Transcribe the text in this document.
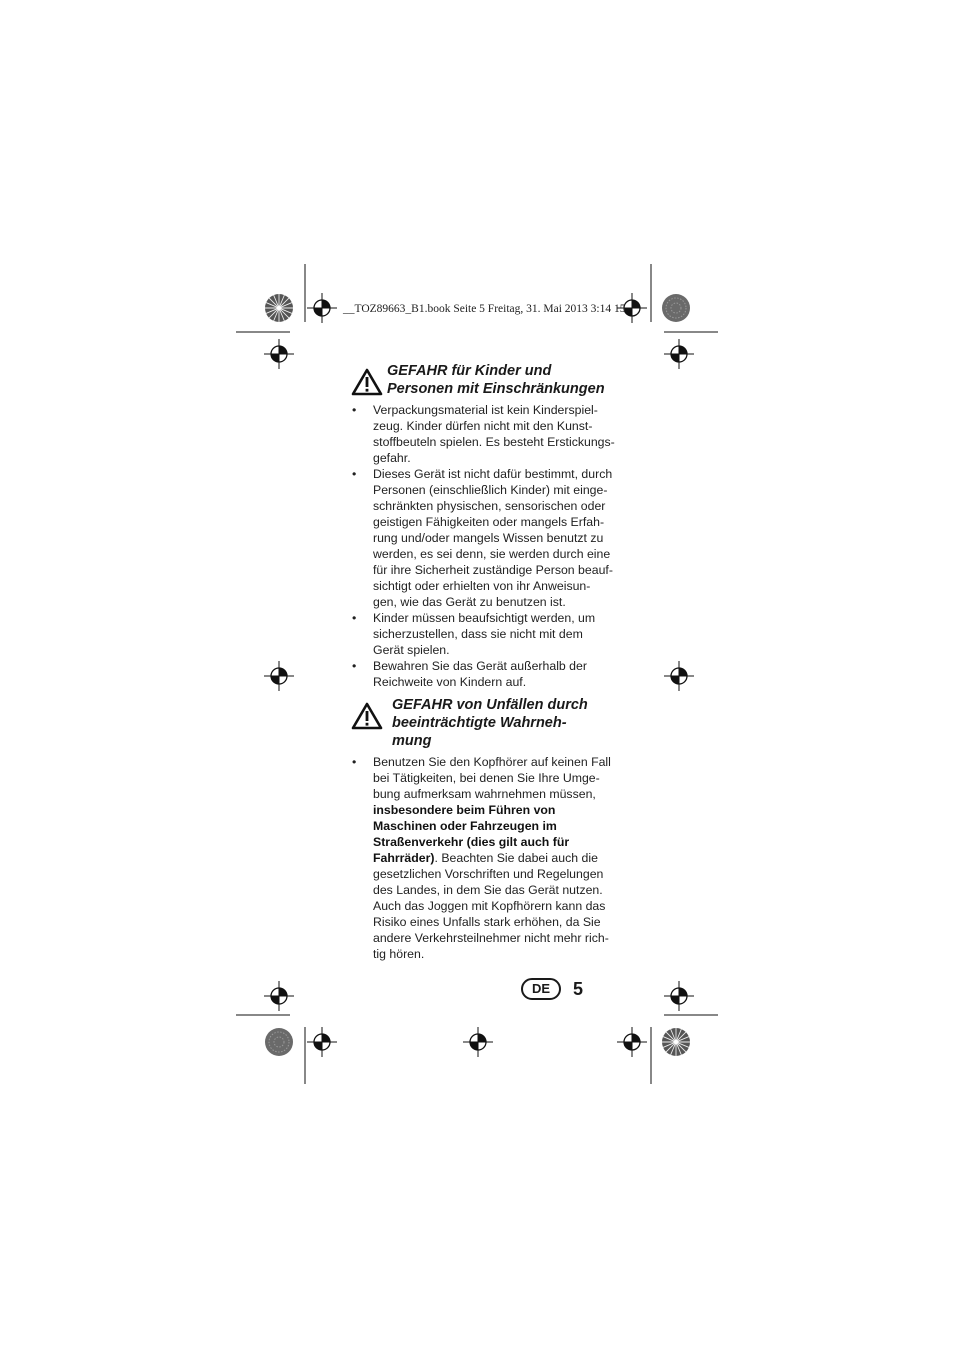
__TOZ89663_B1.book Seite 5 Freitag, 31. Mai 2013 3:14 15
GEFAHR für Kinder und
Personen mit Einschränkungen
• Verpackungsmaterial ist kein Kinderspiel-
zeug. Kinder dürfen nicht mit den Kunst-
stoffbeuteln spielen. Es besteht Erstickungs-
gefahr.
• Dieses Gerät ist nicht dafür bestimmt, durch
Personen (einschließlich Kinder) mit einge-
schränkten physischen, sensorischen oder
geistigen Fähigkeiten oder mangels Erfah-
rung und/oder mangels Wissen benutzt zu
werden, es sei denn, sie werden durch eine
für ihre Sicherheit zuständige Person beauf-
sichtigt oder erhielten von ihr Anweisun-
gen, wie das Gerät zu benutzen ist.
• Kinder müssen beaufsichtigt werden, um
sicherzustellen, dass sie nicht mit dem
Gerät spielen.
• Bewahren Sie das Gerät außerhalb der
Reichweite von Kindern auf.
GEFAHR von Unfällen durch
beeinträchtigte Wahrneh-
mung
• Benutzen Sie den Kopfhörer auf keinen Fall
bei Tätigkeiten, bei denen Sie Ihre Umge-
bung aufmerksam wahrnehmen müssen,
insbesondere beim Führen von
Maschinen oder Fahrzeugen im
Straßenverkehr (dies gilt auch für
Fahrräder). Beachten Sie dabei auch die
gesetzlichen Vorschriften und Regelungen
des Landes, in dem Sie das Gerät nutzen.
Auch das Joggen mit Kopfhörern kann das
Risiko eines Unfalls stark erhöhen, da Sie
andere Verkehrsteilnehmer nicht mehr rich-
tig hören.
DE	5
